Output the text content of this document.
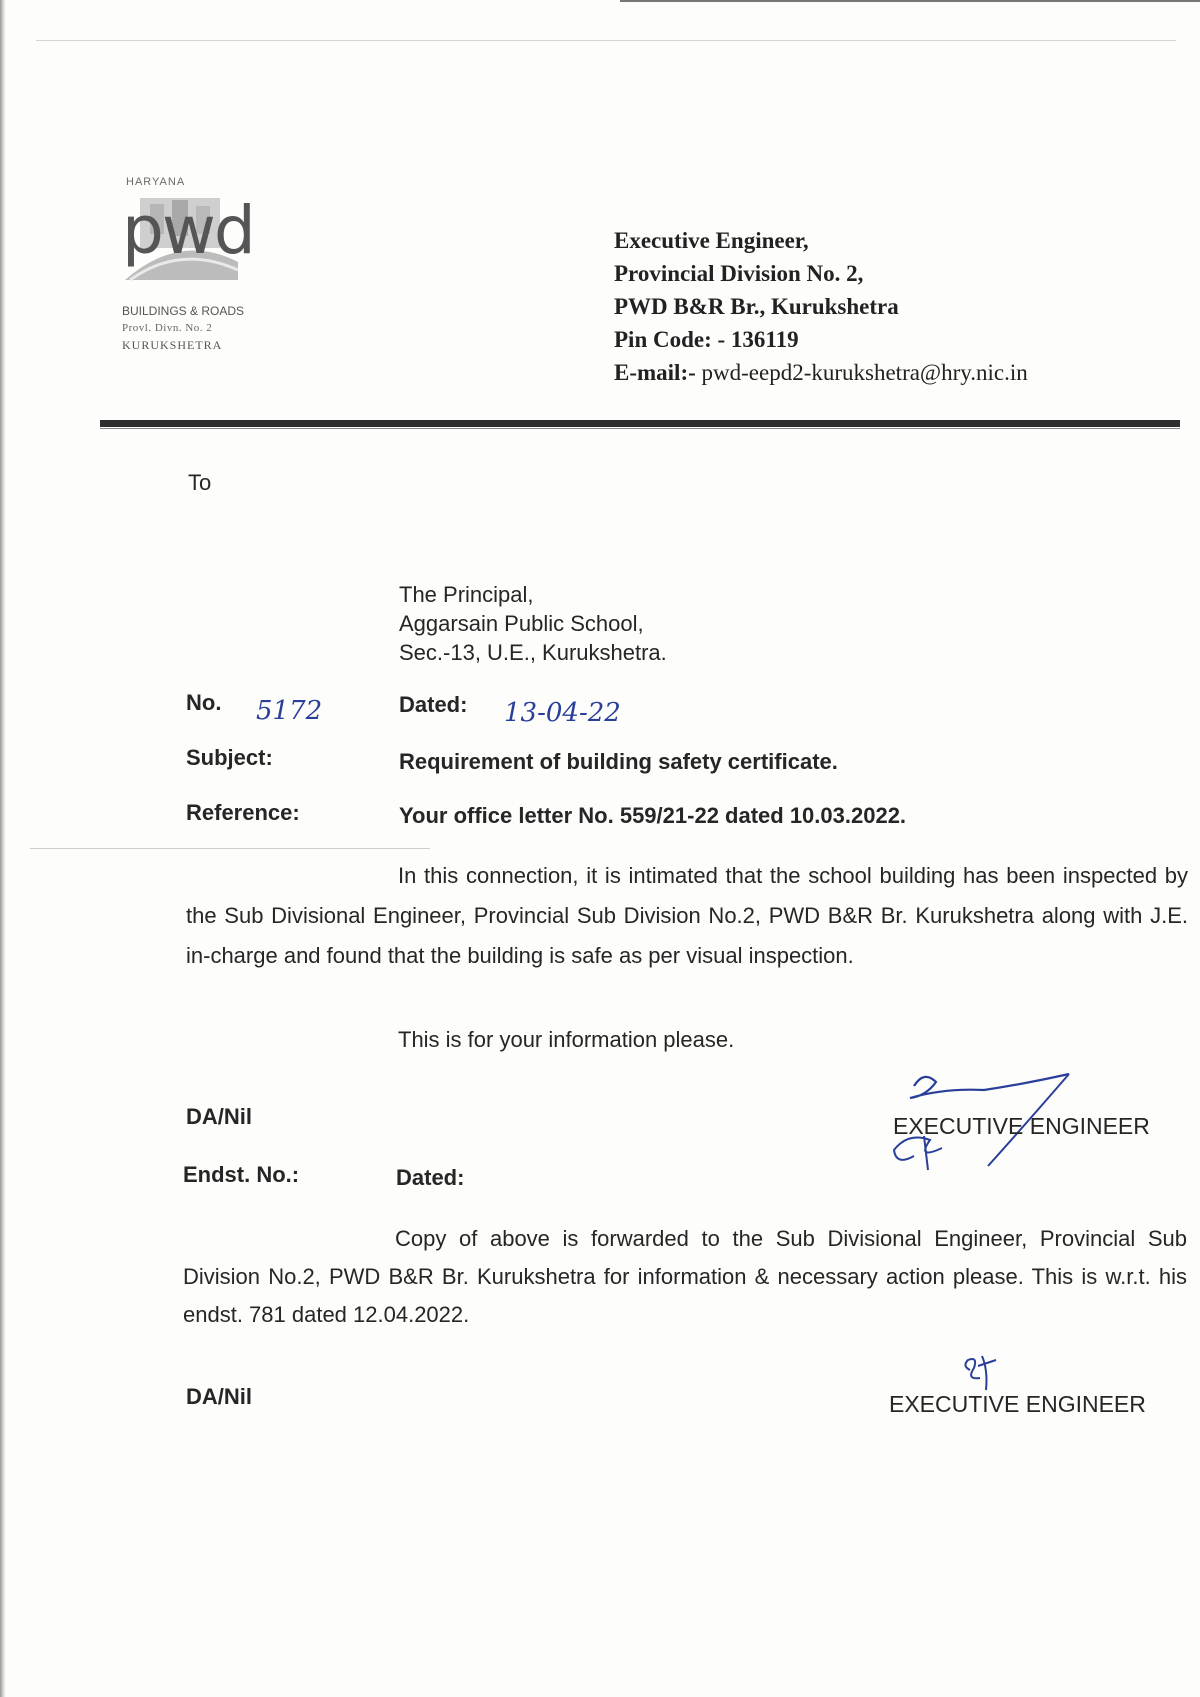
HARYANA
pwd
BUILDINGS & ROADS
Provl. Divn. No. 2
KURUKSHETRA
Executive Engineer,
Provincial Division No. 2,
PWD B&R Br., Kurukshetra
Pin Code: - 136119
E-mail:- pwd-eepd2-kurukshetra@hry.nic.in
To
The Principal,
Aggarsain Public School,
Sec.-13, U.E., Kurukshetra.
No. 5172	Dated: 13-04-22
Subject:	Requirement of building safety certificate.
Reference:	Your office letter No. 559/21-22 dated 10.03.2022.
In this connection, it is intimated that the school building has been inspected by the Sub Divisional Engineer, Provincial Sub Division No.2, PWD B&R Br. Kurukshetra along with J.E. in-charge and found that the building is safe as per visual inspection.
This is for your information please.
DA/Nil	EXECUTIVE ENGINEER
Endst. No.:	Dated:
Copy of above is forwarded to the Sub Divisional Engineer, Provincial Sub Division No.2, PWD B&R Br. Kurukshetra for information & necessary action please. This is w.r.t. his endst. 781 dated 12.04.2022.
DA/Nil	EXECUTIVE ENGINEER
